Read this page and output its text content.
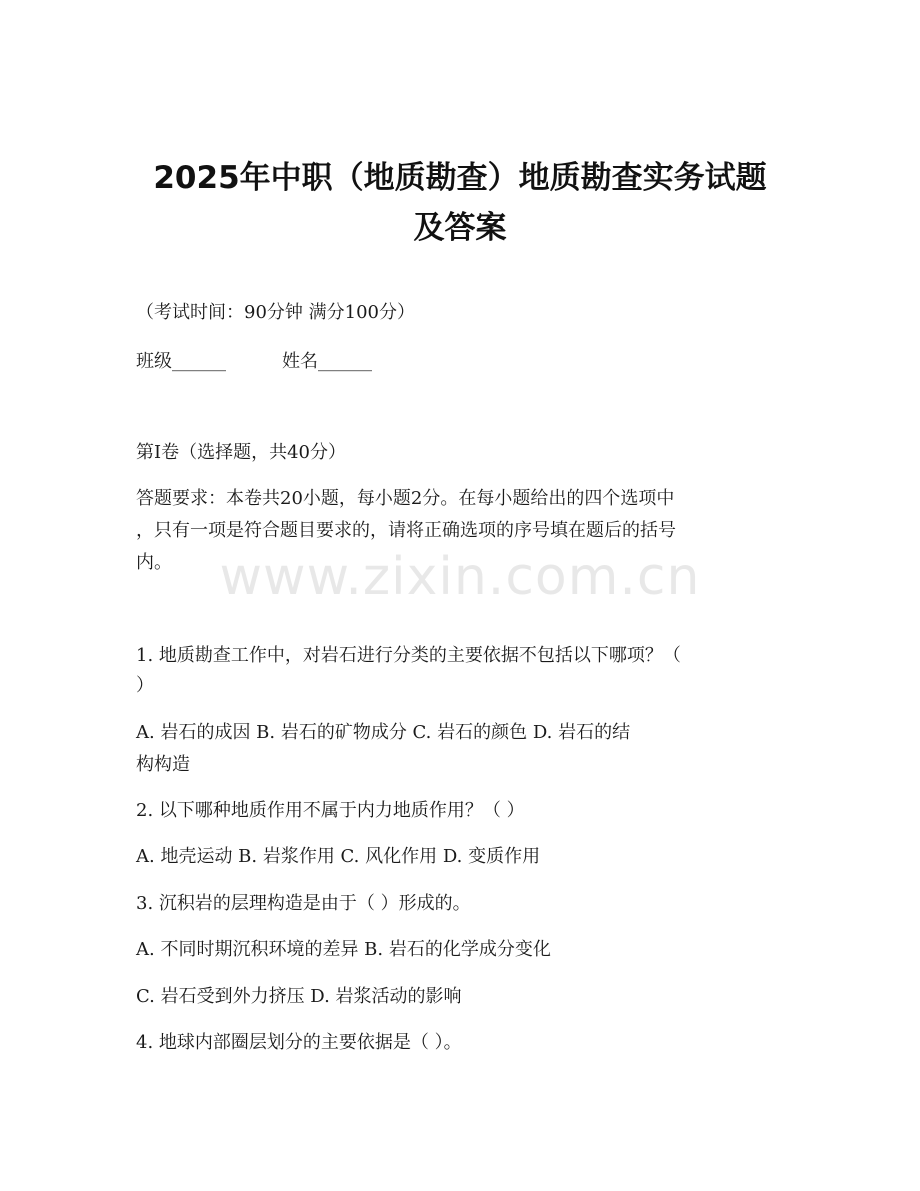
2025年中职（地质勘查）地质勘查实务试题
及答案
（考试时间：90分钟 满分100分）
班级______	姓名______
第I卷（选择题，共40分）
答题要求：本卷共20小题，每小题2分。在每小题给出的四个选项中
，只有一项是符合题目要求的，请将正确选项的序号填在题后的括号
内。 www.zixin.com.cn
1. 地质勘查工作中，对岩石进行分类的主要依据不包括以下哪项？（
）
A. 岩石的成因 B. 岩石的矿物成分 C. 岩石的颜色 D. 岩石的结
构构造
2. 以下哪种地质作用不属于内力地质作用？（ ）
A. 地壳运动 B. 岩浆作用 C. 风化作用 D. 变质作用
3. 沉积岩的层理构造是由于（ ）形成的。
A. 不同时期沉积环境的差异 B. 岩石的化学成分变化
C. 岩石受到外力挤压 D. 岩浆活动的影响
4. 地球内部圈层划分的主要依据是（ ）。
